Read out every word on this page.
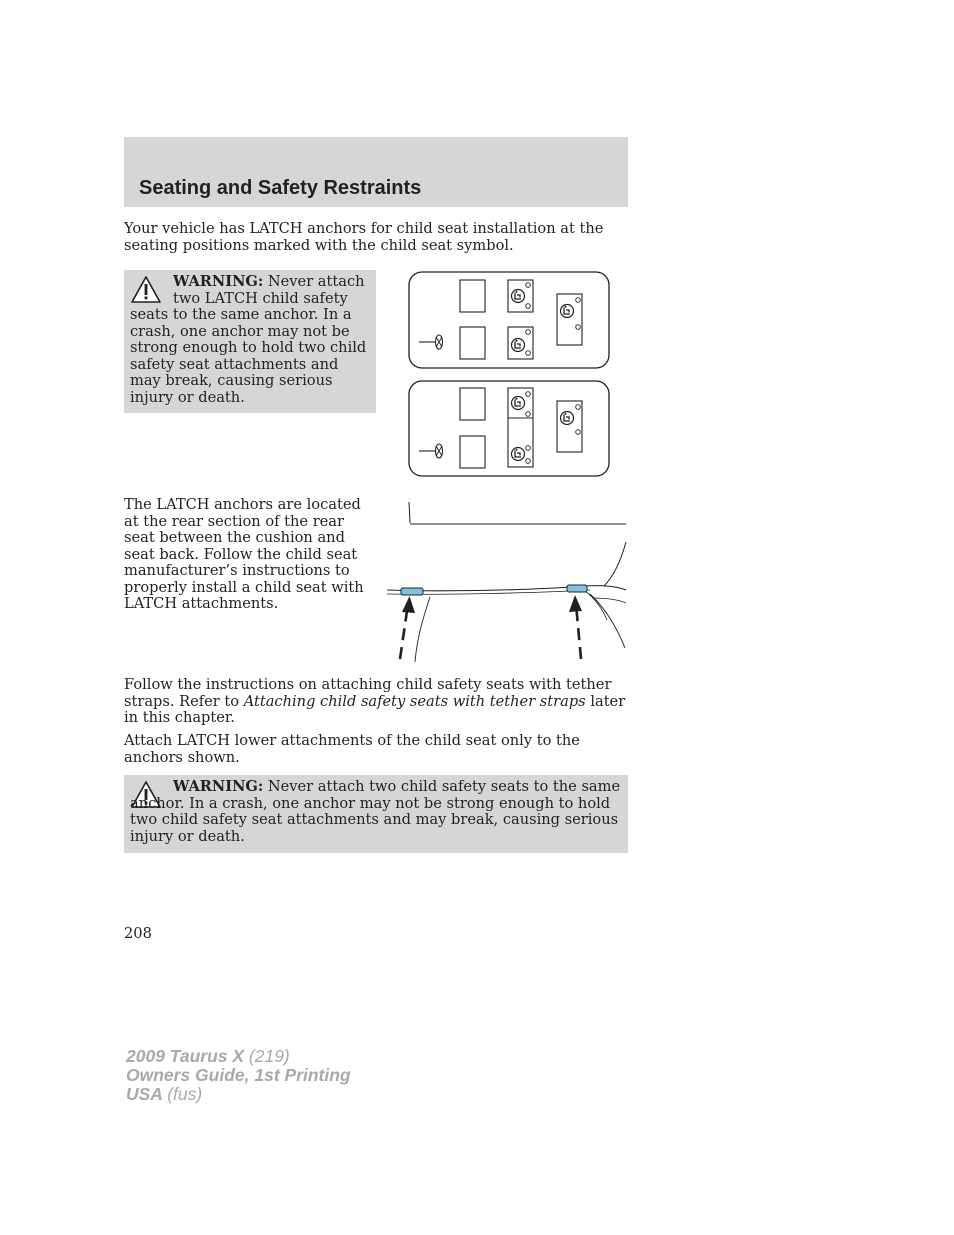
Seating and Safety Restraints
Your vehicle has LATCH anchors for child seat installation at the seating positions marked with the child seat symbol.
WARNING: Never attach
two LATCH child safety seats to the same anchor. In a crash, one anchor may not be strong enough to hold two child safety seat attachments and may break, causing serious injury or death.
The LATCH anchors are located at the rear section of the rear seat between the cushion and seat back. Follow the child seat manufacturer’s instructions to properly install a child seat with LATCH attachments.
Follow the instructions on attaching child safety seats with tether straps. Refer to Attaching child safety seats with tether straps later in this chapter.
Attach LATCH lower attachments of the child seat only to the anchors shown.
WARNING: Never attach two child safety seats to the same anchor. In a crash, one anchor may not be strong enough to hold two child safety seat attachments and may break, causing serious injury or death.
208
2009 Taurus X (219)
Owners Guide, 1st Printing
USA (fus)
